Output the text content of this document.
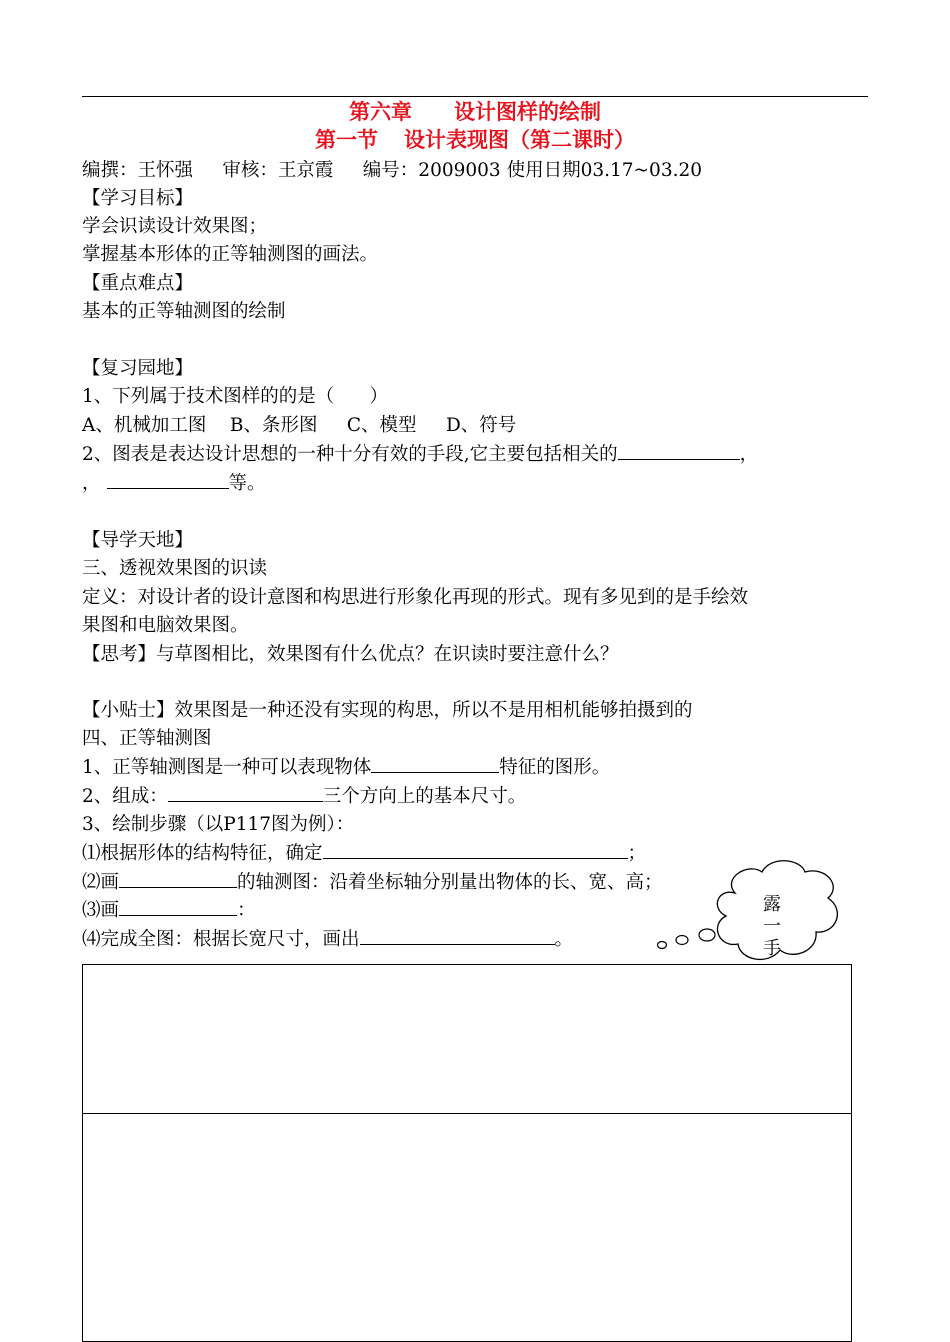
第六章 设计图样的绘制
第一节 设计表现图（第二课时）
编撰：王怀强     审核：王京霞     编号：2009003 使用日期03.17~03.20
【学习目标】
学会识读设计效果图；
掌握基本形体的正等轴测图的画法。
【重点难点】
基本的正等轴测图的绘制
【复习园地】
1、下列属于技术图样的的是（      ）
A、机械加工图    B、条形图     C、模型     D、符号
2、图表是表达设计思想的一种十分有效的手段,它主要包括相关的	，
，	等。
【导学天地】
三、透视效果图的识读
定义：对设计者的设计意图和构思进行形象化再现的形式。现有多见到的是手绘效
果图和电脑效果图。
【思考】与草图相比，效果图有什么优点？在识读时要注意什么？
【小贴士】效果图是一种还没有实现的构思，所以不是用相机能够拍摄到的
四、正等轴测图
1、正等轴测图是一种可以表现物体	特征的图形。
2、组成：	三个方向上的基本尺寸。
3、绘制步骤（以P117图为例）：
⑴根据形体的结构特征，确定	；
⑵画	的轴测图：沿着坐标轴分别量出物体的长、宽、高；
⑶画	：
⑷完成全图：根据长宽尺寸，画出	。
露一手
